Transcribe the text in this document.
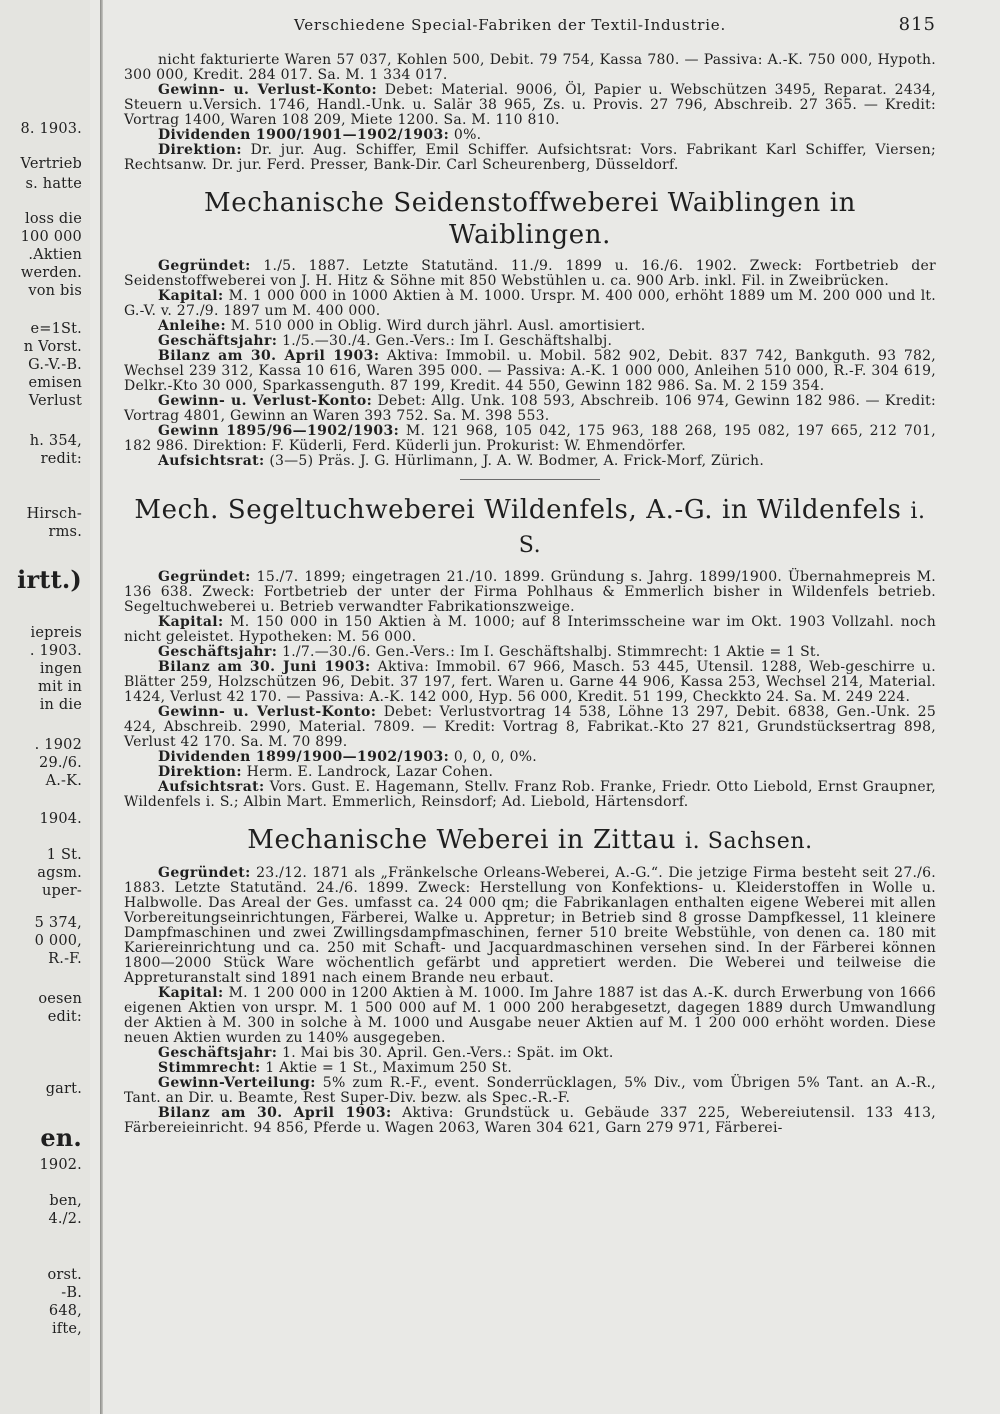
8. 1903.
Vertrieb
s. hatte
loss die
100 000
.Aktien
werden.
von bis
e=1St.
n Vorst.
G.-V.-B.
emisen
Verlust
h. 354,
redit:
Hirsch-
rms.
irtt.)
iepreis
. 1903.
ingen
mit in
in die
. 1902
29./6.
A.-K.
1904.
1 St.
agsm.
uper-
5 374,
0 000,
R.-F.
oesen
edit:
gart.
en.
1902.
ben,
4./2.
orst.
-B.
648,
ifte,
Verschiedene Special-Fabriken der Textil-Industrie.	815

nicht fakturierte Waren 57 037, Kohlen 500, Debit. 79 754, Kassa 780. — Passiva: A.-K. 750 000, Hypoth. 300 000, Kredit. 284 017. Sa. M. 1 334 017.

Gewinn- u. Verlust-Konto: Debet: Material. 9006, Öl, Papier u. Webschützen 3495, Reparat. 2434, Steuern u.Versich. 1746, Handl.-Unk. u. Salär 38 965, Zs. u. Provis. 27 796, Abschreib. 27 365. — Kredit: Vortrag 1400, Waren 108 209, Miete 1200. Sa. M. 110 810.

Dividenden 1900/1901—1902/1903: 0%.

Direktion: Dr. jur. Aug. Schiffer, Emil Schiffer. Aufsichtsrat: Vors. Fabrikant Karl Schiffer, Viersen; Rechtsanw. Dr. jur. Ferd. Presser, Bank-Dir. Carl Scheurenberg, Düsseldorf.

Mechanische Seidenstoffweberei Waiblingen in Waiblingen.

Gegründet: 1./5. 1887. Letzte Statutänd. 11./9. 1899 u. 16./6. 1902. Zweck: Fortbetrieb der Seidenstoffweberei von J. H. Hitz & Söhne mit 850 Webstühlen u. ca. 900 Arb. inkl. Fil. in Zweibrücken.

Kapital: M. 1 000 000 in 1000 Aktien à M. 1000. Urspr. M. 400 000, erhöht 1889 um M. 200 000 und lt. G.-V. v. 27./9. 1897 um M. 400 000.

Anleihe: M. 510 000 in Oblig. Wird durch jährl. Ausl. amortisiert.

Geschäftsjahr: 1./5.—30./4. Gen.-Vers.: Im I. Geschäftshalbj.

Bilanz am 30. April 1903: Aktiva: Immobil. u. Mobil. 582 902, Debit. 837 742, Bankguth. 93 782, Wechsel 239 312, Kassa 10 616, Waren 395 000. — Passiva: A.-K. 1 000 000, Anleihen 510 000, R.-F. 304 619, Delkr.-Kto 30 000, Sparkassenguth. 87 199, Kredit. 44 550, Gewinn 182 986. Sa. M. 2 159 354.

Gewinn- u. Verlust-Konto: Debet: Allg. Unk. 108 593, Abschreib. 106 974, Gewinn 182 986. — Kredit: Vortrag 4801, Gewinn an Waren 393 752. Sa. M. 398 553.

Gewinn 1895/96—1902/1903: M. 121 968, 105 042, 175 963, 188 268, 195 082, 197 665, 212 701, 182 986. Direktion: F. Küderli, Ferd. Küderli jun. Prokurist: W. Ehmendörfer.

Aufsichtsrat: (3—5) Präs. J. G. Hürlimann, J. A. W. Bodmer, A. Frick-Morf, Zürich.

Mech. Segeltuchweberei Wildenfels, A.-G. in Wildenfels i. S.

Gegründet: 15./7. 1899; eingetragen 21./10. 1899. Gründung s. Jahrg. 1899/1900. Übernahmepreis M. 136 638. Zweck: Fortbetrieb der unter der Firma Pohlhaus & Emmerlich bisher in Wildenfels betrieb. Segeltuchweberei u. Betrieb verwandter Fabrikationszweige.

Kapital: M. 150 000 in 150 Aktien à M. 1000; auf 8 Interimsscheine war im Okt. 1903 Vollzahl. noch nicht geleistet. Hypotheken: M. 56 000.

Geschäftsjahr: 1./7.—30./6. Gen.-Vers.: Im I. Geschäftshalbj. Stimmrecht: 1 Aktie = 1 St.

Bilanz am 30. Juni 1903: Aktiva: Immobil. 67 966, Masch. 53 445, Utensil. 1288, Web-geschirre u. Blätter 259, Holzschützen 96, Debit. 37 197, fert. Waren u. Garne 44 906, Kassa 253, Wechsel 214, Material. 1424, Verlust 42 170. — Passiva: A.-K. 142 000, Hyp. 56 000, Kredit. 51 199, Checkkto 24. Sa. M. 249 224.

Gewinn- u. Verlust-Konto: Debet: Verlustvortrag 14 538, Löhne 13 297, Debit. 6838, Gen.-Unk. 25 424, Abschreib. 2990, Material. 7809. — Kredit: Vortrag 8, Fabrikat.-Kto 27 821, Grundstücksertrag 898, Verlust 42 170. Sa. M. 70 899.

Dividenden 1899/1900—1902/1903: 0, 0, 0, 0%.

Direktion: Herm. E. Landrock, Lazar Cohen.

Aufsichtsrat: Vors. Gust. E. Hagemann, Stellv. Franz Rob. Franke, Friedr. Otto Liebold, Ernst Graupner, Wildenfels i. S.; Albin Mart. Emmerlich, Reinsdorf; Ad. Liebold, Härtensdorf.

Mechanische Weberei in Zittau i. Sachsen.

Gegründet: 23./12. 1871 als „Fränkelsche Orleans-Weberei, A.-G.“. Die jetzige Firma besteht seit 27./6. 1883. Letzte Statutänd. 24./6. 1899. Zweck: Herstellung von Konfektions- u. Kleiderstoffen in Wolle u. Halbwolle. Das Areal der Ges. umfasst ca. 24 000 qm; die Fabrikanlagen enthalten eigene Weberei mit allen Vorbereitungseinrichtungen, Färberei, Walke u. Appretur; in Betrieb sind 8 grosse Dampfkessel, 11 kleinere Dampfmaschinen und zwei Zwillingsdampfmaschinen, ferner 510 breite Webstühle, von denen ca. 180 mit Kariereinrichtung und ca. 250 mit Schaft- und Jacquardmaschinen versehen sind. In der Färberei können 1800—2000 Stück Ware wöchentlich gefärbt und appretiert werden. Die Weberei und teilweise die Appreturanstalt sind 1891 nach einem Brande neu erbaut.

Kapital: M. 1 200 000 in 1200 Aktien à M. 1000. Im Jahre 1887 ist das A.-K. durch Erwerbung von 1666 eigenen Aktien von urspr. M. 1 500 000 auf M. 1 000 200 herabgesetzt, dagegen 1889 durch Umwandlung der Aktien à M. 300 in solche à M. 1000 und Ausgabe neuer Aktien auf M. 1 200 000 erhöht worden. Diese neuen Aktien wurden zu 140% ausgegeben.

Geschäftsjahr: 1. Mai bis 30. April. Gen.-Vers.: Spät. im Okt.

Stimmrecht: 1 Aktie = 1 St., Maximum 250 St.

Gewinn-Verteilung: 5% zum R.-F., event. Sonderrücklagen, 5% Div., vom Übrigen 5% Tant. an A.-R., Tant. an Dir. u. Beamte, Rest Super-Div. bezw. als Spec.-R.-F.

Bilanz am 30. April 1903: Aktiva: Grundstück u. Gebäude 337 225, Webereiutensil. 133 413, Färbereieinricht. 94 856, Pferde u. Wagen 2063, Waren 304 621, Garn 279 971, Färberei-
